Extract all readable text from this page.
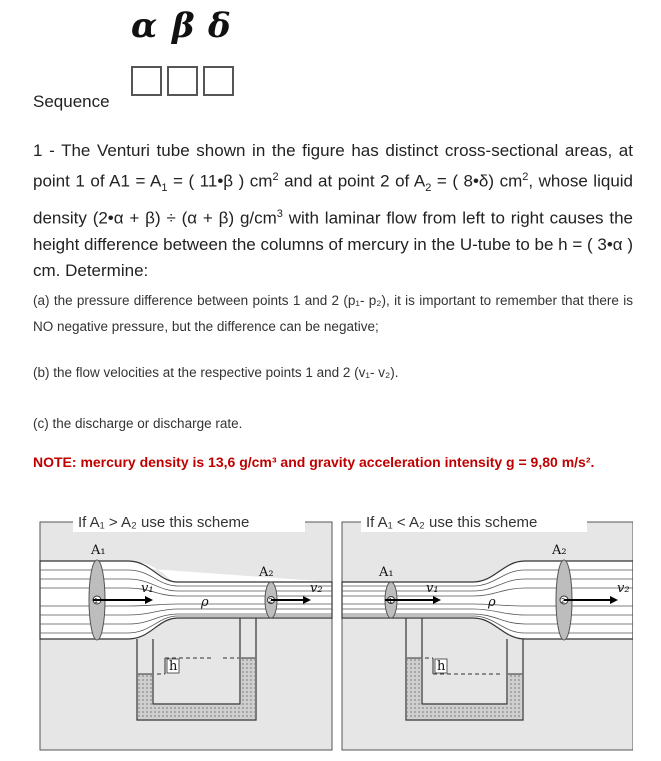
α β δ
Sequence
1 - The Venturi tube shown in the figure has distinct cross-sectional areas, at point 1 of $A1 = A_1$ = ( 11•β ) $cm^2$ and at point 2 of $A_2$ = ( 8•δ) $cm^2$, whose liquid density (2•α + β) ÷ (α + β) $g/cm^3$ with laminar flow from left to right causes the height difference between the columns of mercury in the U-tube to be h = ( 3•α ) cm. Determine:
(a) the pressure difference between points 1 and 2 (p₁- p₂), it is important to remember that there is NO negative pressure, but the difference can be negative;
(b) the flow velocities at the respective points 1 and 2 (v₁- v₂).
(c) the discharge or discharge rate.
NOTE: mercury density is 13,6 g/cm³ and gravity acceleration intensity g = 9,80 m/s².
If A₁ > A₂ use this scheme
1	2
A₁
A₂
v₁	v₂
ρ
h
If A₁ < A₂ use this scheme
1	2
A₁
A₂
v₁	v₂
ρ
h
